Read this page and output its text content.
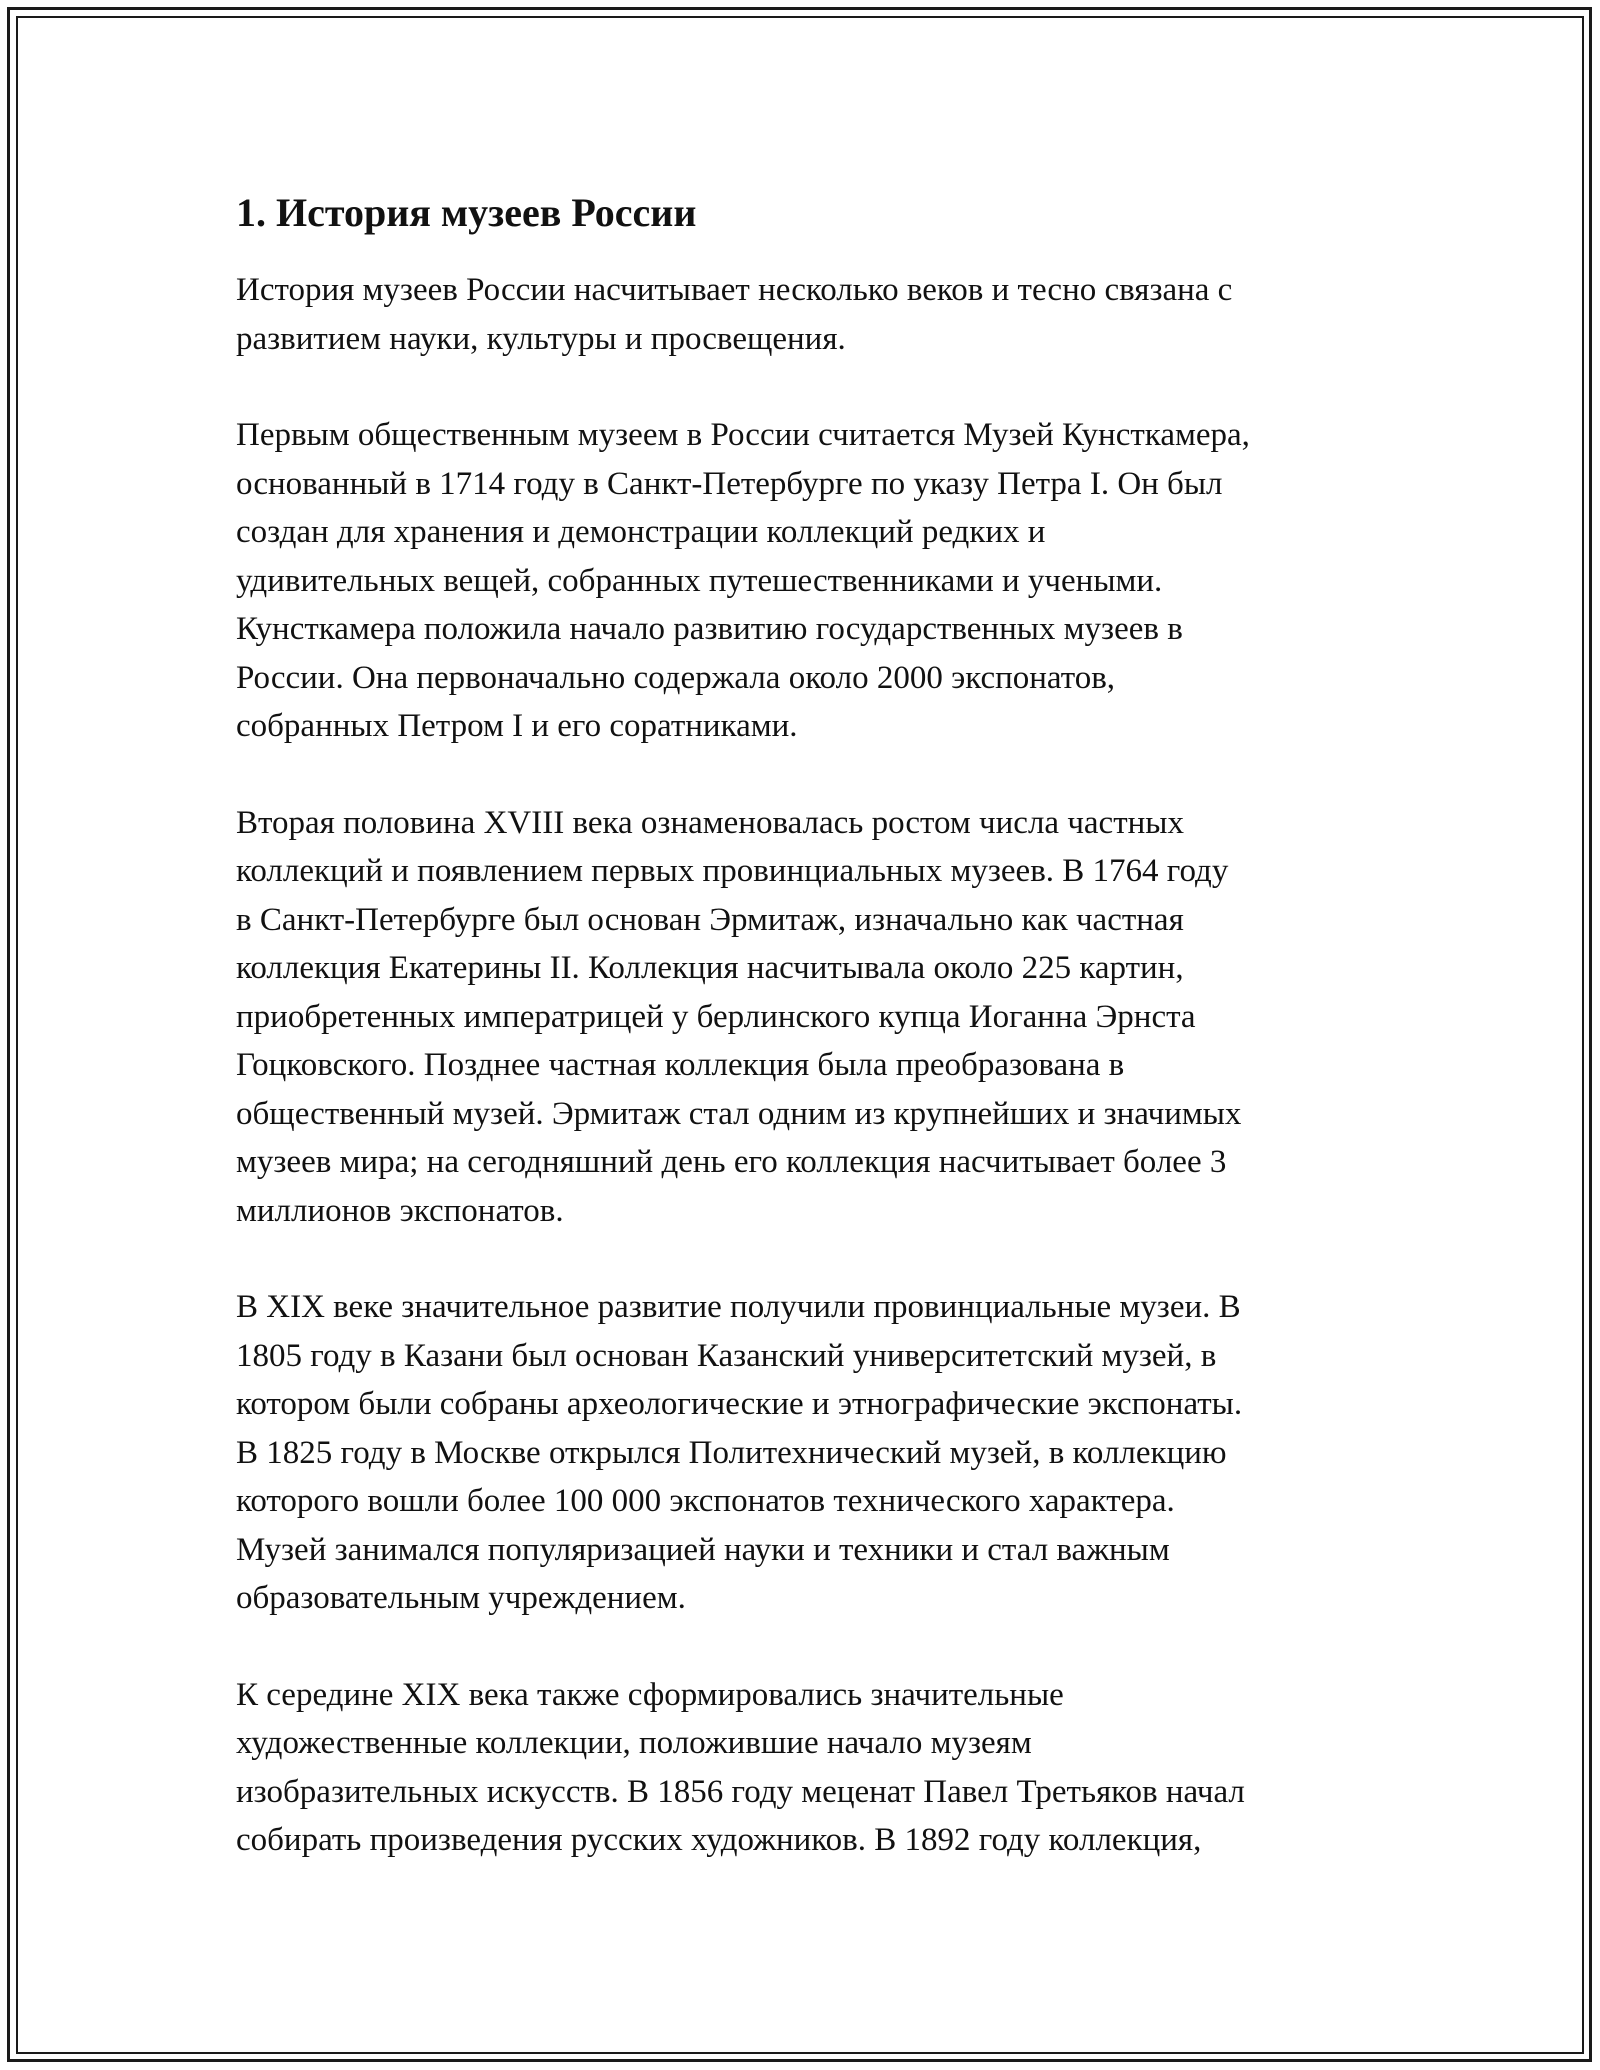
1. История музеев России

История музеев России насчитывает несколько веков и тесно связана с
развитием науки, культуры и просвещения.

Первым общественным музеем в России считается Музей Кунсткамера,
основанный в 1714 году в Санкт-Петербурге по указу Петра I. Он был
создан для хранения и демонстрации коллекций редких и
удивительных вещей, собранных путешественниками и учеными.
Кунсткамера положила начало развитию государственных музеев в
России. Она первоначально содержала около 2000 экспонатов,
собранных Петром I и его соратниками.

Вторая половина XVIII века ознаменовалась ростом числа частных
коллекций и появлением первых провинциальных музеев. В 1764 году
в Санкт-Петербурге был основан Эрмитаж, изначально как частная
коллекция Екатерины II. Коллекция насчитывала около 225 картин,
приобретенных императрицей у берлинского купца Иоганна Эрнста
Гоцковского. Позднее частная коллекция была преобразована в
общественный музей. Эрмитаж стал одним из крупнейших и значимых
музеев мира; на сегодняшний день его коллекция насчитывает более 3
миллионов экспонатов.

В XIX веке значительное развитие получили провинциальные музеи. В
1805 году в Казани был основан Казанский университетский музей, в
котором были собраны археологические и этнографические экспонаты.
В 1825 году в Москве открылся Политехнический музей, в коллекцию
которого вошли более 100 000 экспонатов технического характера.
Музей занимался популяризацией науки и техники и стал важным
образовательным учреждением.

К середине XIX века также сформировались значительные
художественные коллекции, положившие начало музеям
изобразительных искусств. В 1856 году меценат Павел Третьяков начал
собирать произведения русских художников. В 1892 году коллекция,
